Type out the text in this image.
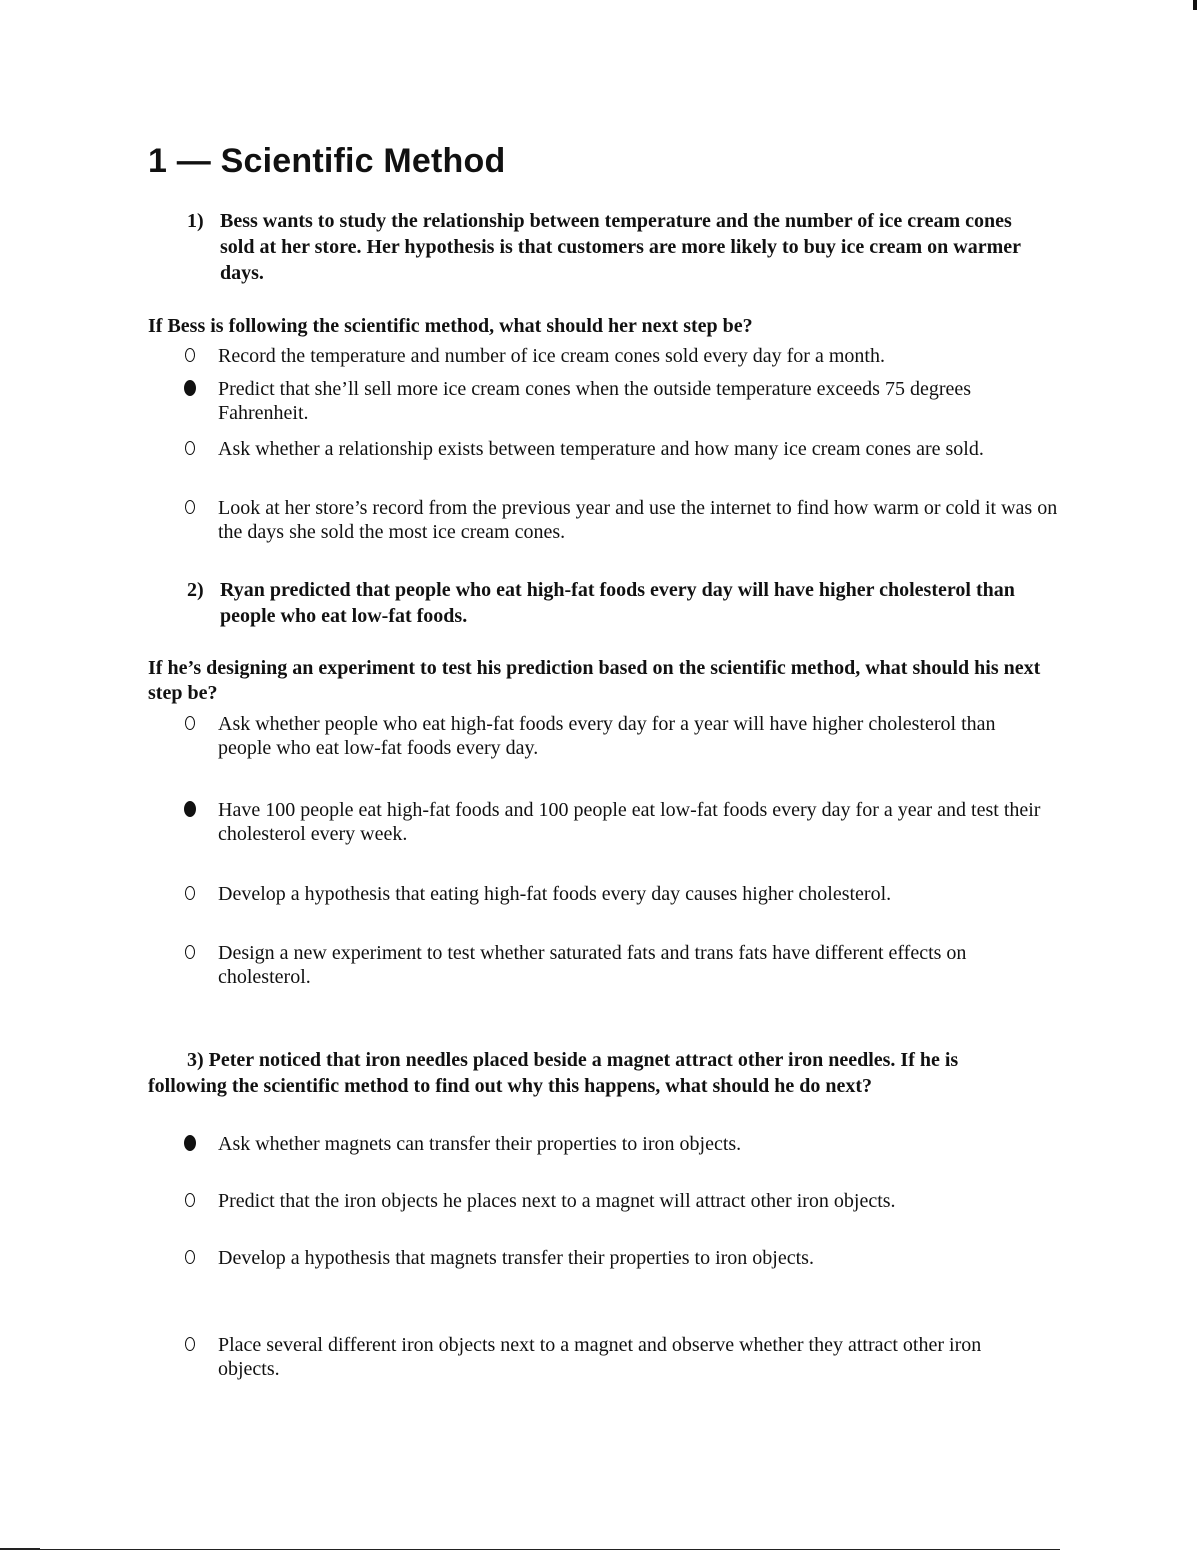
1 — Scientific Method
1) Bess wants to study the relationship between temperature and the number of ice cream cones sold at her store. Her hypothesis is that customers are more likely to buy ice cream on warmer days.
If Bess is following the scientific method, what should her next step be?
Record the temperature and number of ice cream cones sold every day for a month.
Predict that she’ll sell more ice cream cones when the outside temperature exceeds 75 degrees Fahrenheit.
Ask whether a relationship exists between temperature and how many ice cream cones are sold.
Look at her store’s record from the previous year and use the internet to find how warm or cold it was on the days she sold the most ice cream cones.
2) Ryan predicted that people who eat high-fat foods every day will have higher cholesterol than people who eat low-fat foods.
If he’s designing an experiment to test his prediction based on the scientific method, what should his next step be?
Ask whether people who eat high-fat foods every day for a year will have higher cholesterol than people who eat low-fat foods every day.
Have 100 people eat high-fat foods and 100 people eat low-fat foods every day for a year and test their cholesterol every week.
Develop a hypothesis that eating high-fat foods every day causes higher cholesterol.
Design a new experiment to test whether saturated fats and trans fats have different effects on cholesterol.
3) Peter noticed that iron needles placed beside a magnet attract other iron needles. If he is following the scientific method to find out why this happens, what should he do next?
Ask whether magnets can transfer their properties to iron objects.
Predict that the iron objects he places next to a magnet will attract other iron objects.
Develop a hypothesis that magnets transfer their properties to iron objects.
Place several different iron objects next to a magnet and observe whether they attract other iron objects.
